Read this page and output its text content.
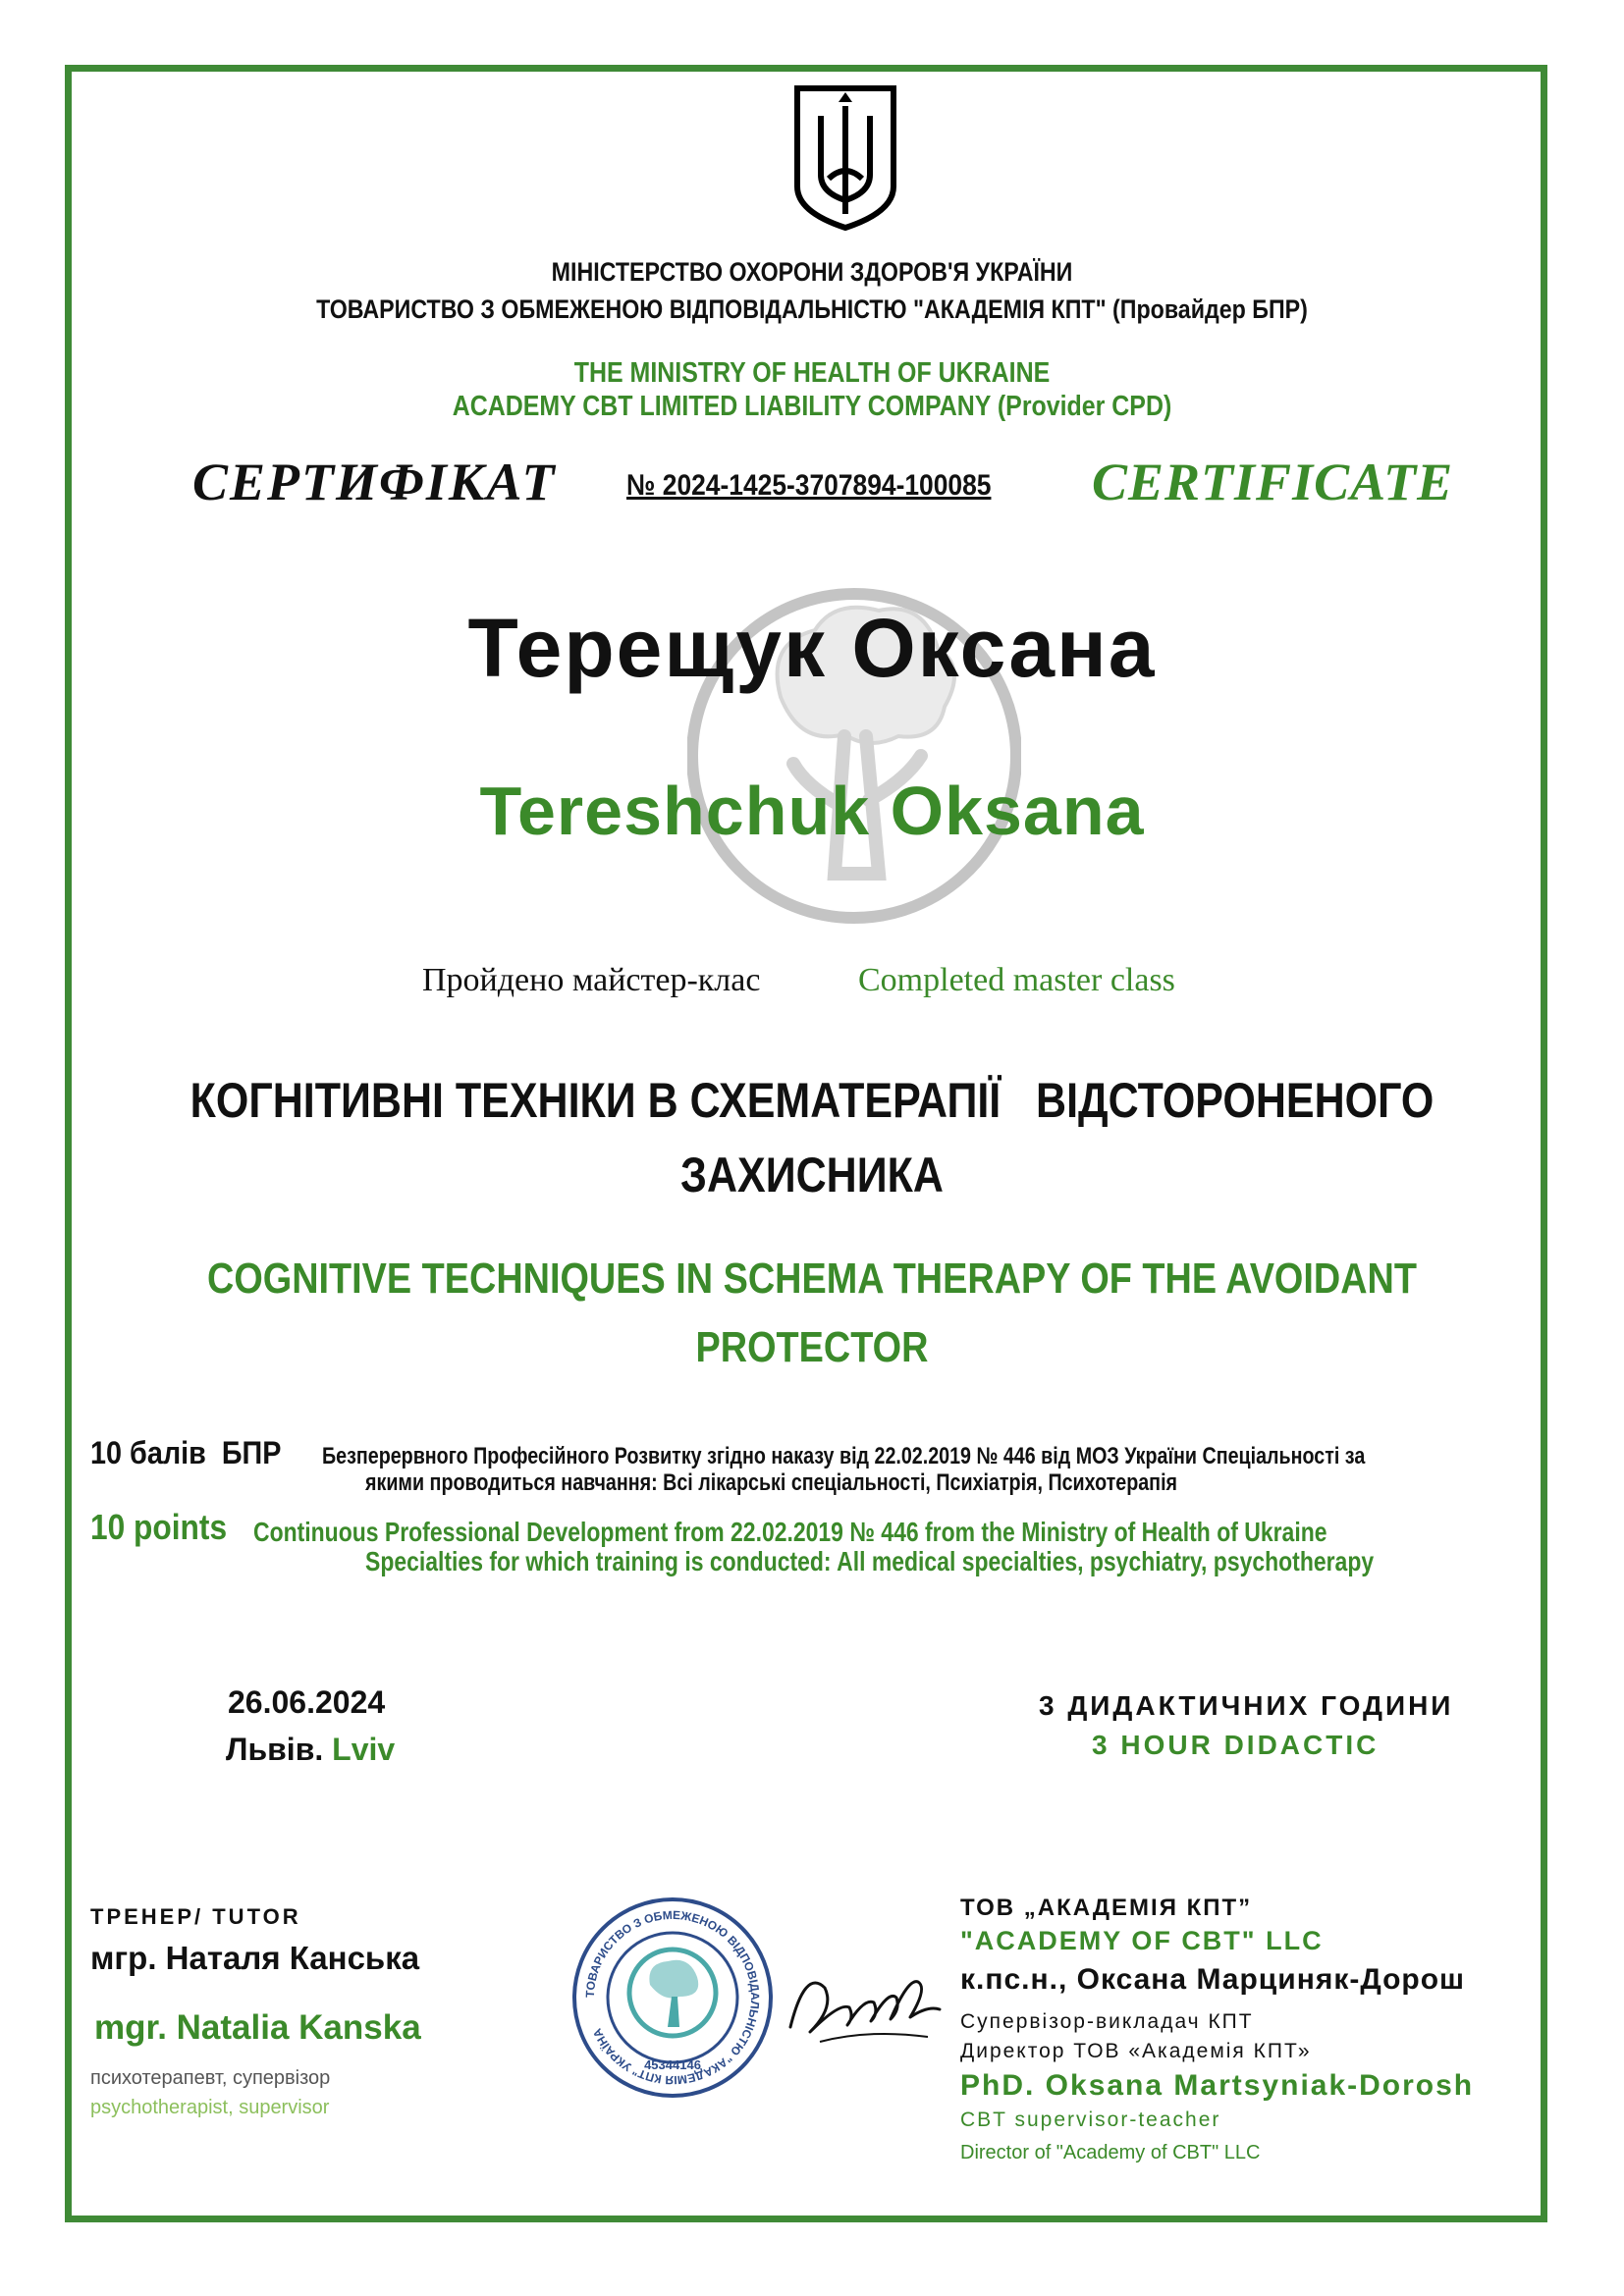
МІНІСТЕРСТВО ОХОРОНИ ЗДОРОВ'Я УКРАЇНИ
ТОВАРИСТВО З ОБМЕЖЕНОЮ ВІДПОВІДАЛЬНІСТЮ "АКАДЕМІЯ КПТ" (Провайдер БПР)
THE MINISTRY OF HEALTH OF UKRAINE
ACADEMY CBT LIMITED LIABILITY COMPANY (Provider CPD)
СЕРТИФІКАТ № 2024-1425-3707894-100085 CERTIFICATE
Терещук Оксана
Tereshchuk Oksana
Пройдено майстер-клас	Completed master class
КОГНІТИВНІ ТЕХНІКИ В СХЕМАТЕРАПІЇ   ВІДСТОРОНЕНОГО
ЗАХИСНИКА
COGNITIVE TECHNIQUES IN SCHEMA THERAPY OF THE AVOIDANT
PROTECTOR
10 балів  БПР Безперервного Професійного Розвитку згідно наказу від 22.02.2019 № 446 від МОЗ України Спеціальності за
якими проводиться навчання: Всі лікарські спеціальності, Психіатрія, Психотерапія
10 points Continuous Professional Development from 22.02.2019 № 446 from the Ministry of Health of Ukraine
Specialties for which training is conducted: All medical specialties, psychiatry, psychotherapy
26.06.2024
Львів. Lviv
3 ДИДАКТИЧНИХ ГОДИНИ
3 HOUR DIDACTIC
ТРЕНЕР/ TUTOR
мгр. Наталя Канська
mgr. Natalia Kanska
психотерапевт, супервізор
psychotherapist, supervisor
ТОВАРИСТВО З ОБМЕЖЕНОЮ ВІДПОВІДАЛЬНІСТЮ "АКАДЕМІЯ КПТ" УКРАЇНА
45344146
ТОВ „АКАДЕМІЯ КПТ”
"ACADEMY OF CBT" LLC
к.пс.н., Оксана Марциняк-Дорош
Супервізор-викладач КПТ
Директор ТОВ «Академія КПТ»
PhD. Oksana Martsyniak-Dorosh
CBT supervisor-teacher
Director of "Academy of CBT" LLC
